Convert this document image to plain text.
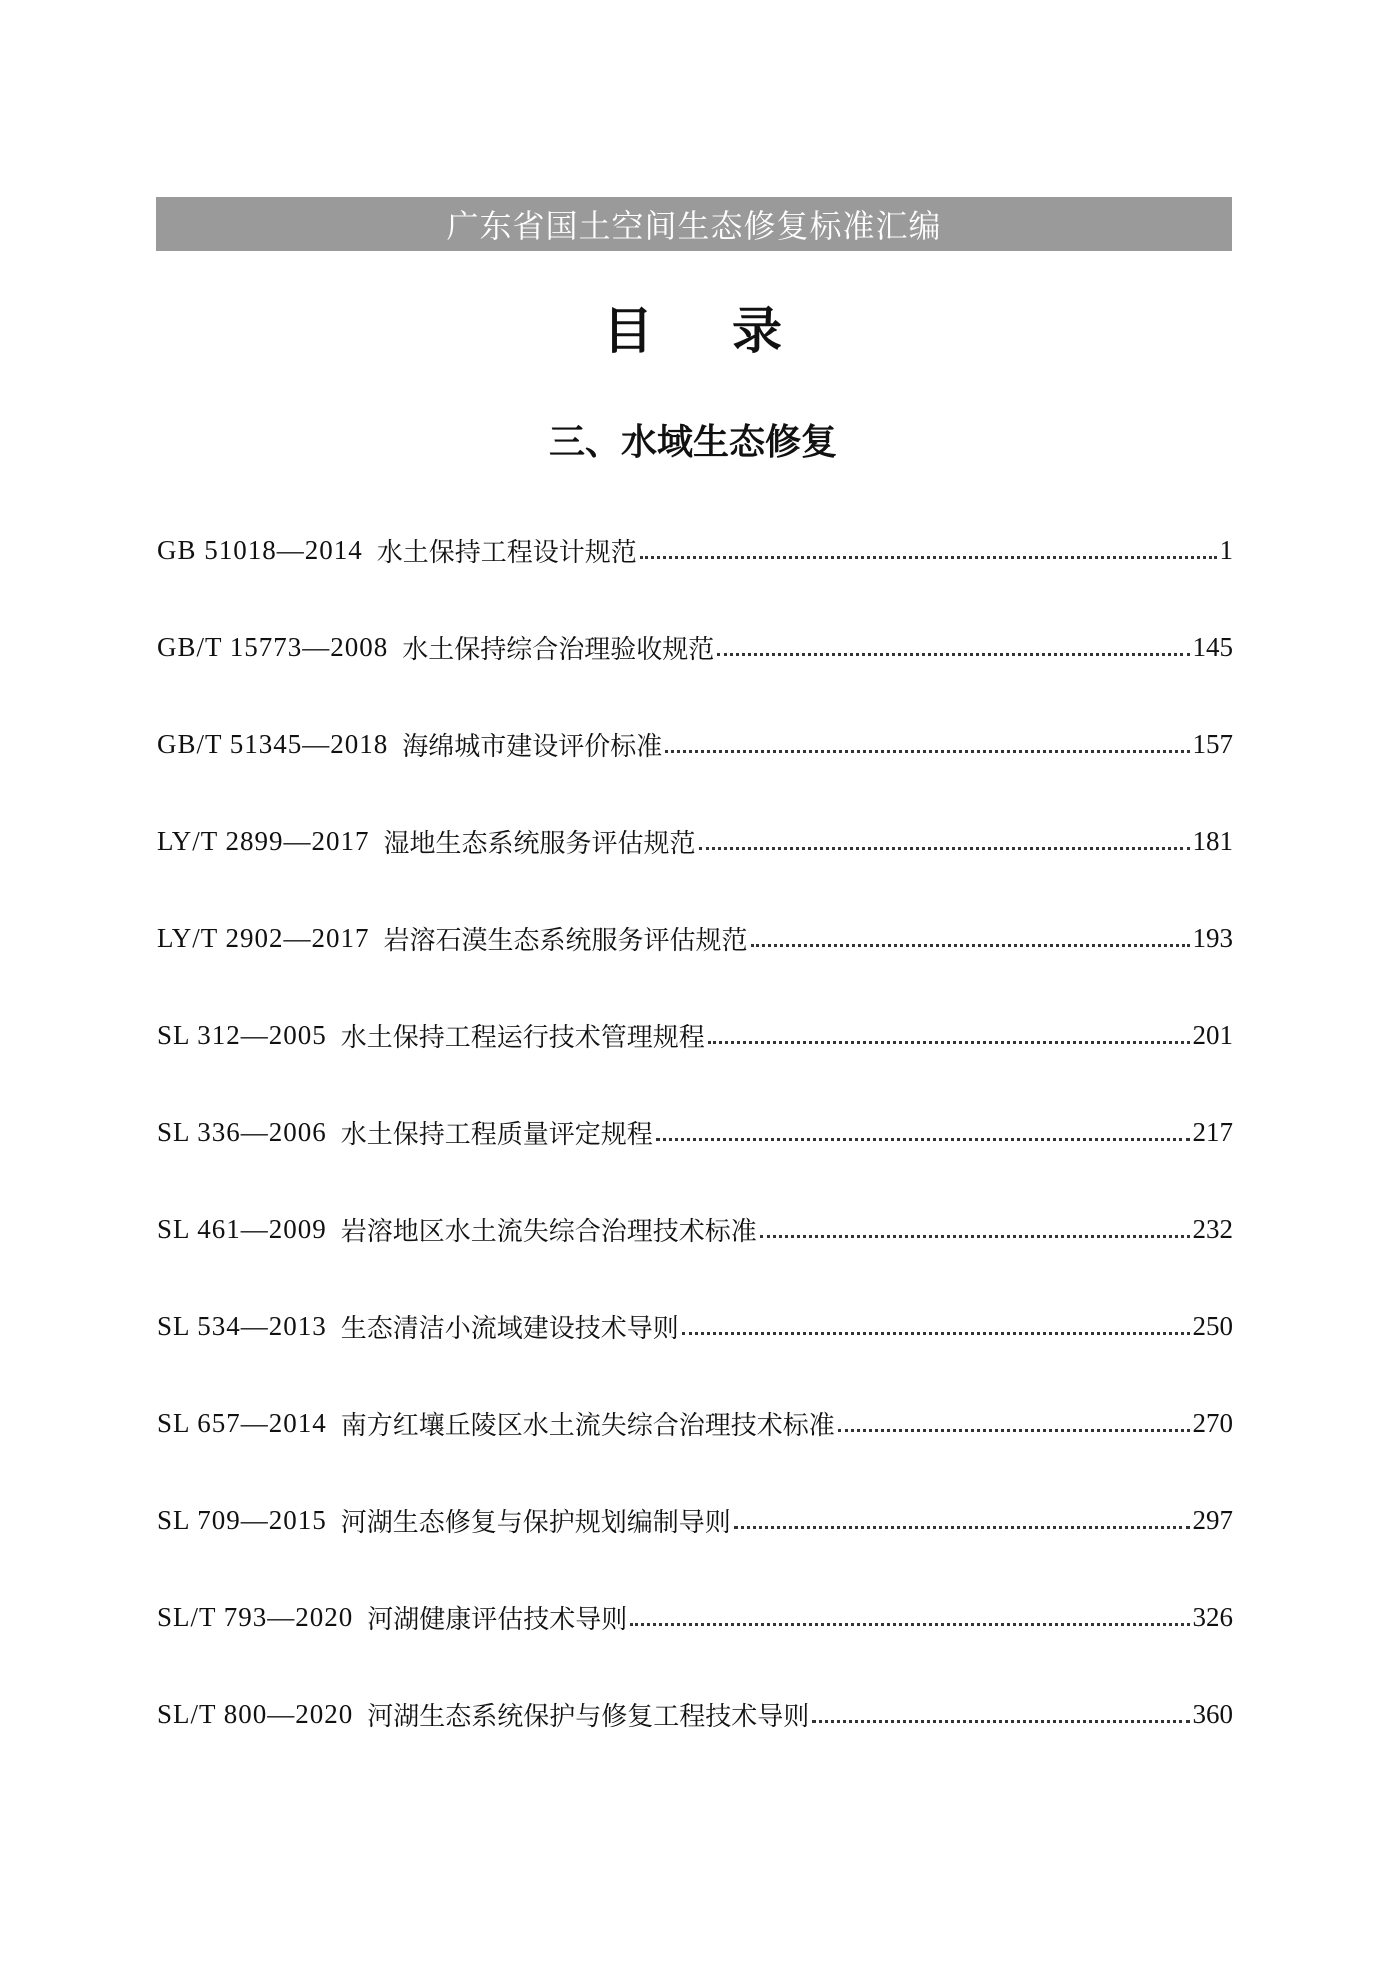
广东省国土空间生态修复标准汇编
目 录
三、水域生态修复
GB 51018—2014 水土保持工程设计规范	1
GB/T 15773—2008 水土保持综合治理验收规范	145
GB/T 51345—2018 海绵城市建设评价标准	157
LY/T 2899—2017 湿地生态系统服务评估规范	181
LY/T 2902—2017 岩溶石漠生态系统服务评估规范	193
SL 312—2005 水土保持工程运行技术管理规程	201
SL 336—2006 水土保持工程质量评定规程	217
SL 461—2009 岩溶地区水土流失综合治理技术标准	232
SL 534—2013 生态清洁小流域建设技术导则	250
SL 657—2014 南方红壤丘陵区水土流失综合治理技术标准	270
SL 709—2015 河湖生态修复与保护规划编制导则	297
SL/T 793—2020 河湖健康评估技术导则	326
SL/T 800—2020 河湖生态系统保护与修复工程技术导则	360
